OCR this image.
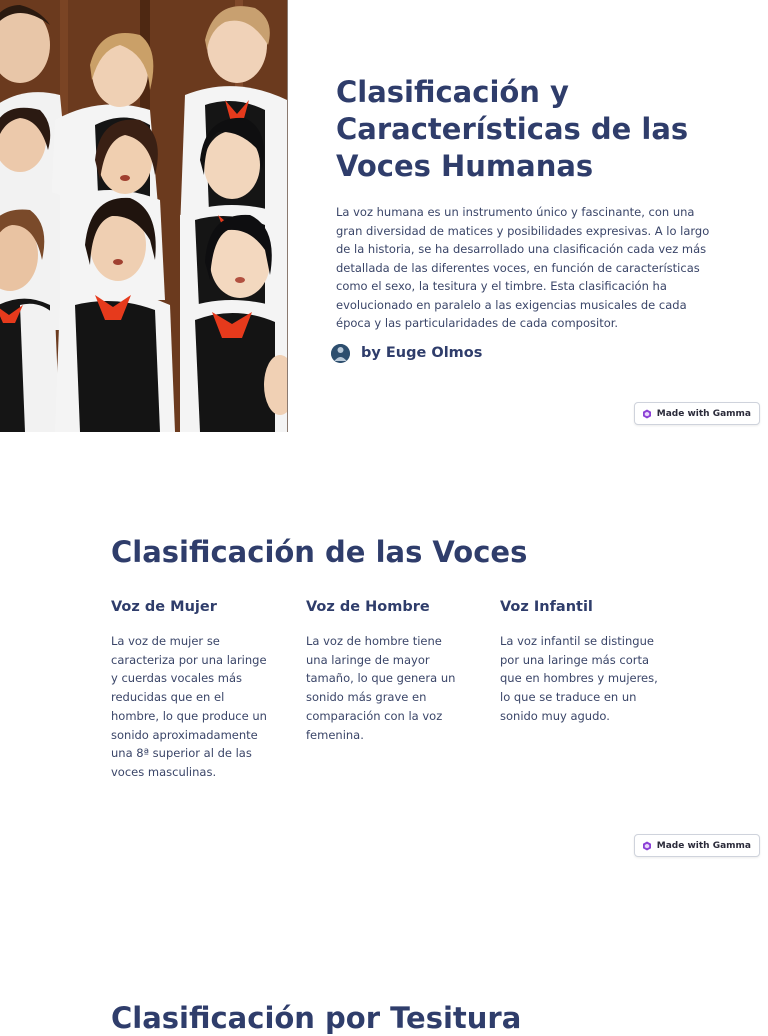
Clasificación y Características de las Voces Humanas

La voz humana es un instrumento único y fascinante, con una gran diversidad de matices y posibilidades expresivas. A lo largo de la historia, se ha desarrollado una clasificación cada vez más detallada de las diferentes voces, en función de características como el sexo, la tesitura y el timbre. Esta clasificación ha evolucionado en paralelo a las exigencias musicales de cada época y las particularidades de cada compositor.

by Euge Olmos
Made with Gamma
Clasificación de las Voces
Voz de Mujer

La voz de mujer se caracteriza por una laringe y cuerdas vocales más reducidas que en el hombre, lo que produce un sonido aproximadamente una 8ª superior al de las voces masculinas.

Voz de Hombre

La voz de hombre tiene una laringe de mayor tamaño, lo que genera un sonido más grave en comparación con la voz femenina.

Voz Infantil

La voz infantil se distingue por una laringe más corta que en hombres y mujeres, lo que se traduce en un sonido muy agudo.

Made with Gamma
Clasificación por Tesitura
